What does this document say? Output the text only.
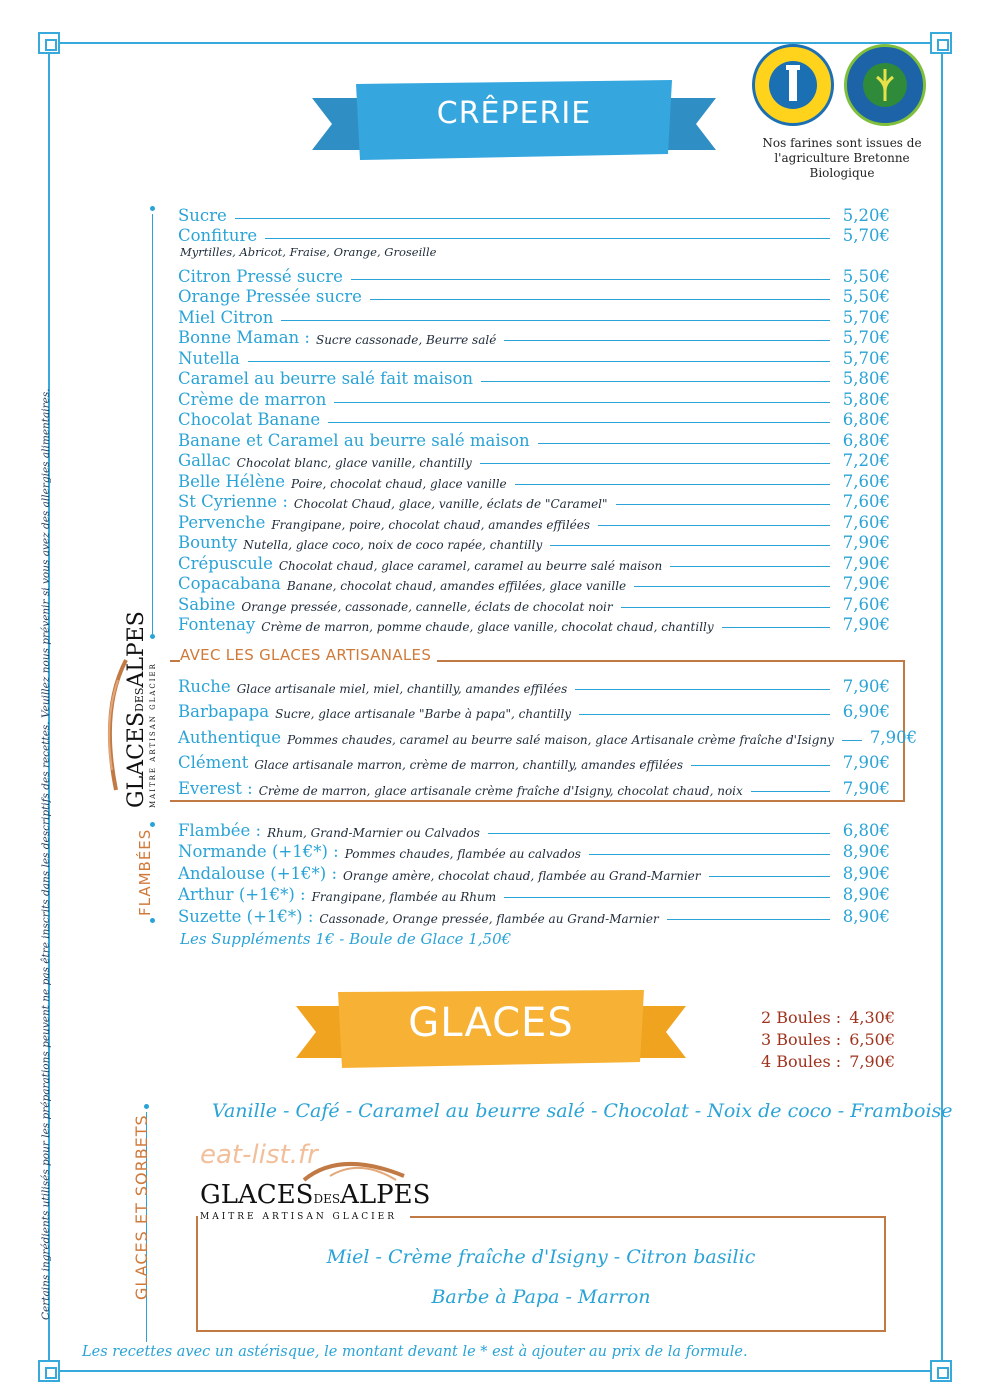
Certains ingrédients utilisés pour les préparations peuvent ne pas être inscrits dans les descriptifs des recettes. Veuillez nous prévenir si vous avez des allergies alimentaires.
CRÊPERIE
Nos farines sont issues de
l'agriculture Bretonne Biologique
Sucre	5,20€
Confiture	5,70€
Myrtilles, Abricot, Fraise, Orange, Groseille
Citron Pressé sucre	5,50€
Orange Pressée sucre	5,50€
Miel Citron	5,70€
Bonne Maman : Sucre cassonade, Beurre salé	5,70€
Nutella	5,70€
Caramel au beurre salé fait maison	5,80€
Crème de marron	5,80€
Chocolat Banane	6,80€
Banane et Caramel au beurre salé maison	6,80€
Gallac Chocolat blanc, glace vanille, chantilly	7,20€
Belle Hélène Poire, chocolat chaud, glace vanille	7,60€
St Cyrienne : Chocolat Chaud, glace, vanille, éclats de "Caramel"	7,60€
Pervenche Frangipane, poire, chocolat chaud, amandes effilées	7,60€
Bounty Nutella, glace coco, noix de coco rapée, chantilly	7,90€
Crépuscule Chocolat chaud, glace caramel, caramel au beurre salé maison	7,90€
Copacabana Banane, chocolat chaud, amandes effilées, glace vanille	7,90€
Sabine Orange pressée, cassonade, cannelle, éclats de chocolat noir	7,60€
Fontenay Crème de marron, pomme chaude, glace vanille, chocolat chaud, chantilly	7,90€
AVEC LES GLACES ARTISANALES
Ruche Glace artisanale miel, miel, chantilly, amandes effilées	7,90€
Barbapapa Sucre, glace artisanale "Barbe à papa", chantilly	6,90€
Authentique Pommes chaudes, caramel au beurre salé maison, glace Artisanale crème fraîche d'Isigny 7,90€
Clément Glace artisanale marron, crème de marron, chantilly, amandes effilées	7,90€
Everest : Crème de marron, glace artisanale crème fraîche d'Isigny, chocolat chaud, noix	7,90€
GLACESDESALPES
MAITRE ARTISAN GLACIER
FLAMBÉES Flambée : Rhum, Grand-Marnier ou Calvados	6,80€
Normande (+1€*) : Pommes chaudes, flambée au calvados	8,90€
Andalouse (+1€*) : Orange amère, chocolat chaud, flambée au Grand-Marnier	8,90€
Arthur (+1€*) : Frangipane, flambée au Rhum	8,90€
Suzette (+1€*) : Cassonade, Orange pressée, flambée au Grand-Marnier	8,90€
Les Suppléments 1€ - Boule de Glace 1,50€
GLACES	2 Boules : 4,30€
3 Boules : 6,50€
4 Boules : 7,90€
GLACES ET SORBETS
Vanille - Café - Caramel au beurre salé - Chocolat - Noix de coco - Framboise
eat-list.fr
GLACESDESALPES
MAITRE ARTISAN GLACIER
Miel - Crème fraîche d'Isigny - Citron basilic
Barbe à Papa - Marron
Les recettes avec un astérisque, le montant devant le * est à ajouter au prix de la formule.
